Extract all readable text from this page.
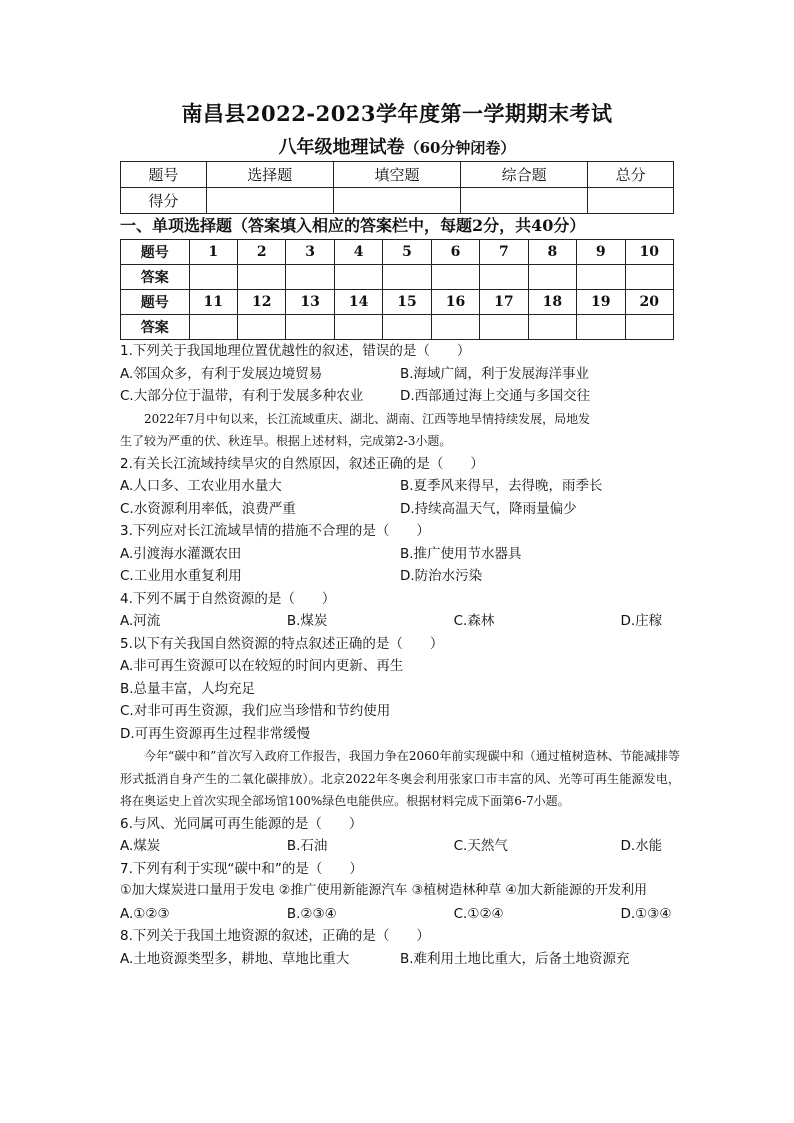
南昌县2022-2023学年度第一学期期末考试
八年级地理试卷（60分钟闭卷）
题号	选择题	填空题	综合题	总分
得分				
一、单项选择题（答案填入相应的答案栏中，每题2分，共40分）
题号	1	2	3	4	5	6	7	8	9	10
答案										
题号	11	12	13	14	15	16	17	18	19	20
答案										
1.下列关于我国地理位置优越性的叙述，错误的是（　　）
A.邻国众多，有利于发展边境贸易	B.海域广阔，利于发展海洋事业
C.大部分位于温带，有利于发展多种农业	D.西部通过海上交通与多国交往
2022年7月中旬以来，长江流域重庆、湖北、湖南、江西等地旱情持续发展，局地发
生了较为严重的伏、秋连旱。根据上述材料，完成第2-3小题。
2.有关长江流域持续旱灾的自然原因，叙述正确的是（　　）
A.人口多、工农业用水量大	B.夏季风来得早，去得晚，雨季长
C.水资源利用率低，浪费严重	D.持续高温天气，降雨量偏少
3.下列应对长江流域旱情的措施不合理的是（　　）
A.引渡海水灌溉农田	B.推广使用节水器具
C.工业用水重复利用	D.防治水污染
4.下列不属于自然资源的是（　　）
A.河流	B.煤炭	C.森林	D.庄稼
5.以下有关我国自然资源的特点叙述正确的是（　　）
A.非可再生资源可以在较短的时间内更新、再生
B.总量丰富，人均充足
C.对非可再生资源，我们应当珍惜和节约使用
D.可再生资源再生过程非常缓慢
今年“碳中和”首次写入政府工作报告，我国力争在2060年前实现碳中和（通过植树造林、节能减排等形式抵消自身产生的二氧化碳排放）。北京2022年冬奥会利用张家口市丰富的风、光等可再生能源发电，将在奥运史上首次实现全部场馆100%绿色电能供应。根据材料完成下面第6-7小题。
6.与风、光同属可再生能源的是（　　）
A.煤炭	B.石油	C.天然气	D.水能
7.下列有利于实现“碳中和”的是（　　）
①加大煤炭进口量用于发电 ②推广使用新能源汽车 ③植树造林种草 ④加大新能源的开发利用
A.①②③	B.②③④	C.①②④	D.①③④
8.下列关于我国土地资源的叙述，正确的是（　　）
A.土地资源类型多，耕地、草地比重大	B.难利用土地比重大，后备土地资源充
